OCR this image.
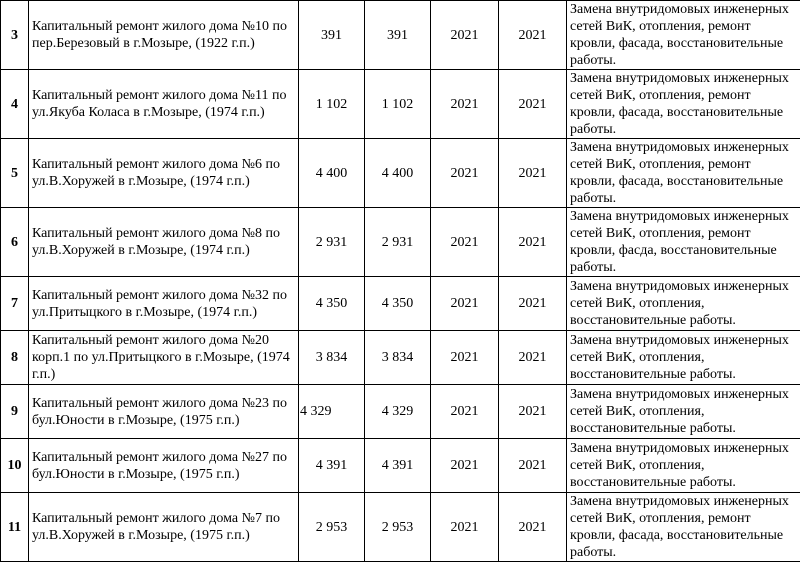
3	Капитальный ремонт жилого дома №10 по пер.Березовый в г.Мозыре, (1922 г.п.)	391	391	2021	2021	Замена внутридомовых инженерных сетей ВиК, отопления, ремонт кровли, фасада, восстановительные работы.
4	Капитальный ремонт жилого дома №11 по ул.Якуба Коласа в г.Мозыре, (1974 г.п.)	1 102	1 102	2021	2021	Замена внутридомовых инженерных сетей ВиК, отопления, ремонт кровли, фасада, восстановительные работы.
5	Капитальный ремонт жилого дома №6 по ул.В.Хоружей в г.Мозыре, (1974 г.п.)	4 400	4 400	2021	2021	Замена внутридомовых инженерных сетей ВиК, отопления, ремонт кровли, фасада, восстановительные работы.
6	Капитальный ремонт жилого дома №8 по ул.В.Хоружей в г.Мозыре, (1974 г.п.)	2 931	2 931	2021	2021	Замена внутридомовых инженерных сетей ВиК, отопления, ремонт кровли, фасда, восстановительные работы.
7	Капитальный ремонт жилого дома №32 по ул.Притыцкого в г.Мозыре, (1974 г.п.)	4 350	4 350	2021	2021	Замена внутридомовых инженерных сетей ВиК, отопления, восстановительные работы.
8	Капитальный ремонт жилого дома №20 корп.1 по ул.Притыцкого в г.Мозыре, (1974 г.п.)	3 834	3 834	2021	2021	Замена внутридомовых инженерных сетей ВиК, отопления, восстановительные работы.
9	Капитальный ремонт жилого дома №23 по бул.Юности в г.Мозыре, (1975 г.п.)	4 329	4 329	2021	2021	Замена внутридомовых инженерных сетей ВиК, отопления, восстановительные работы.
10	Капитальный ремонт жилого дома №27 по бул.Юности в г.Мозыре, (1975 г.п.)	4 391	4 391	2021	2021	Замена внутридомовых инженерных сетей ВиК, отопления, восстановительные работы.
11	Капитальный ремонт жилого дома №7 по ул.В.Хоружей в г.Мозыре, (1975 г.п.)	2 953	2 953	2021	2021	Замена внутридомовых инженерных сетей ВиК, отопления, ремонт кровли, фасада, восстановительные работы.
